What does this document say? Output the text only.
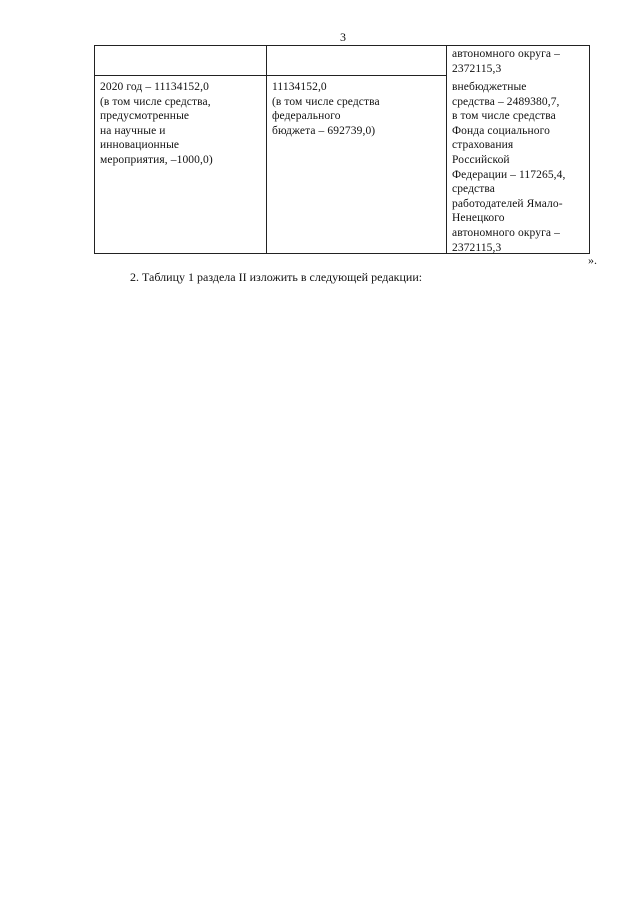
3
2020 год – 11134152,0
(в том числе средства,
предусмотренные
на научные и
инновационные
мероприятия, –1000,0)
11134152,0
(в том числе средства
федерального
бюджета – 692739,0)
автономного округа –
2372115,3
внебюджетные
средства – 2489380,7,
в том числе средства
Фонда социального
страхования
Российской
Федерации – 117265,4,
средства
работодателей Ямало-
Ненецкого
автономного округа –
2372115,3
».
2. Таблицу 1 раздела II изложить в следующей редакции:
